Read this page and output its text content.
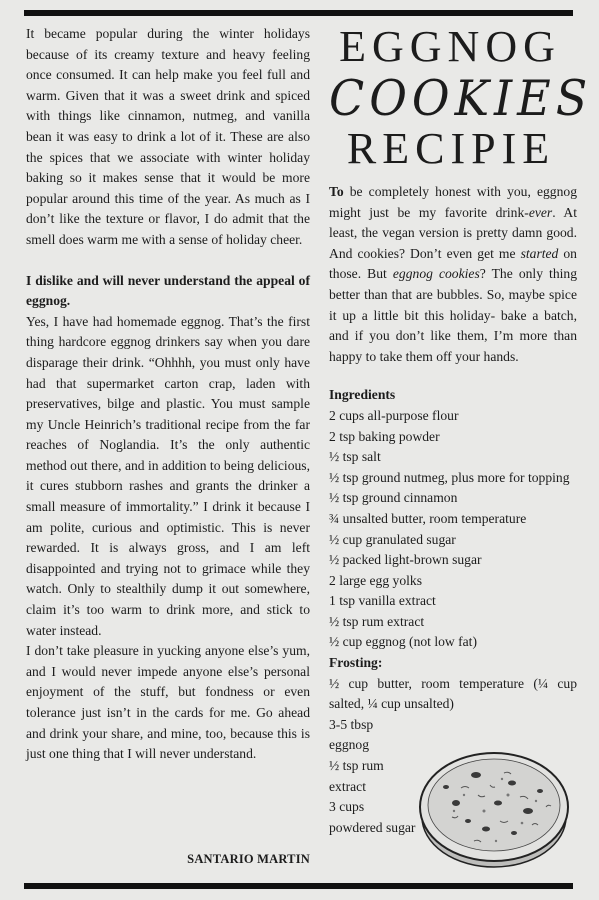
It became popular during the winter holidays because of its creamy texture and heavy feeling once consumed. It can help make you feel full and warm. Given that it was a sweet drink and spiced with things like cinnamon, nutmeg, and vanilla bean it was easy to drink a lot of it. These are also the spices that we associate with winter holiday baking so it makes sense that it would be more popular around this time of the year. As much as I don’t like the texture or flavor, I do admit that the smell does warm me with a sense of holiday cheer.

I dislike and will never understand the appeal of eggnog.

Yes, I have had homemade eggnog. That’s the first thing hardcore eggnog drinkers say when you dare disparage their drink. “Ohhhh, you must only have had that supermarket carton crap, laden with preservatives, bilge and plastic. You must sample my Uncle Heinrich’s traditional recipe from the far reaches of Noglandia. It’s the only authentic method out there, and in addition to being delicious, it cures stubborn rashes and grants the drinker a small measure of immortality.” I drink it because I am polite, curious and optimistic. This is never rewarded. It is always gross, and I am left disappointed and trying not to grimace while they watch. Only to stealthily dump it out somewhere, claim it’s too warm to drink more, and stick to water instead.

I don’t take pleasure in yucking anyone else’s yum, and I would never impede anyone else’s personal enjoyment of the stuff, but fondness or even tolerance just isn’t in the cards for me. Go ahead and drink your share, and mine, too, because this is just one thing that I will never understand.

SANTARIO MARTIN
EGGNOG
COOKIES
RECIPIE
To be completely honest with you, eggnog might just be my favorite drink-ever. At least, the vegan version is pretty damn good. And cookies? Don’t even get me started on those. But eggnog cookies? The only thing better than that are bubbles. So, maybe spice it up a little bit this holiday- bake a batch, and if you don’t like them, I’m more than happy to take them off your hands.
Ingredients
2 cups all-purpose flour
2 tsp baking powder
½ tsp salt
½ tsp ground nutmeg, plus more for topping
½ tsp ground cinnamon
¾ unsalted butter, room temperature
½ cup granulated sugar
½ packed light-brown sugar
2 large egg yolks
1 tsp vanilla extract
½ tsp rum extract
½ cup eggnog (not low fat)
Frosting:
½ cup butter, room temperature (¼ cup salted, ¼ cup unsalted)
3-5 tbsp
eggnog
½ tsp rum
extract
3 cups
powdered sugar
